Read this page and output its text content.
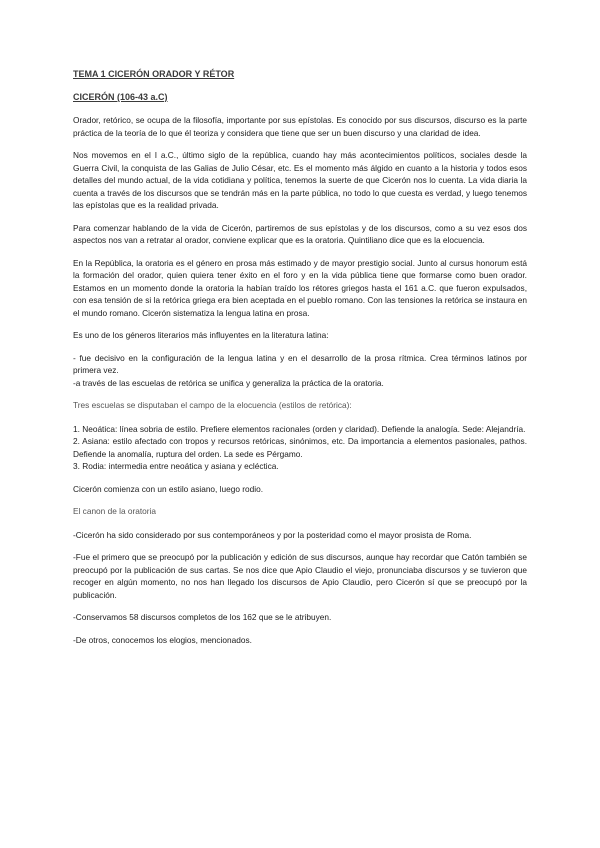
TEMA 1 CICERÓN ORADOR Y RÉTOR

CICERÓN (106-43 a.C)

Orador, retórico, se ocupa de la filosofía, importante por sus epístolas. Es conocido por sus discursos, discurso es la parte práctica de la teoría de lo que él teoriza y considera que tiene que ser un buen discurso y una claridad de idea.

Nos movemos en el I a.C., último siglo de la república, cuando hay más acontecimientos políticos, sociales desde la Guerra Civil, la conquista de las Galias de Julio César, etc. Es el momento más álgido en cuanto a la historia y todos esos detalles del mundo actual, de la vida cotidiana y política, tenemos la suerte de que Cicerón nos lo cuenta. La vida diaria la cuenta a través de los discursos que se tendrán más en la parte pública, no todo lo que cuesta es verdad, y luego tenemos las epístolas que es la realidad privada.

Para comenzar hablando de la vida de Cicerón, partiremos de sus epístolas y de los discursos, como a su vez esos dos aspectos nos van a retratar al orador, conviene explicar que es la oratoria. Quintiliano dice que es la elocuencia.

En la República, la oratoria es el género en prosa más estimado y de mayor prestigio social. Junto al cursus honorum está la formación del orador, quien quiera tener éxito en el foro y en la vida pública tiene que formarse como buen orador. Estamos en un momento donde la oratoria la habían traído los rétores griegos hasta el 161 a.C. que fueron expulsados, con esa tensión de si la retórica griega era bien aceptada en el pueblo romano. Con las tensiones la retórica se instaura en el mundo romano. Cicerón sistematiza la lengua latina en prosa.

Es uno de los géneros literarios más influyentes en la literatura latina:

- fue decisivo en la configuración de la lengua latina y en el desarrollo de la prosa rítmica. Crea términos latinos por primera vez.
-a través de las escuelas de retórica se unifica y generaliza la práctica de la oratoria.

Tres escuelas se disputaban el campo de la elocuencia (estilos de retórica):

1. Neoática: línea sobria de estilo. Prefiere elementos racionales (orden y claridad). Defiende la analogía. Sede: Alejandría.
2. Asiana: estilo afectado con tropos y recursos retóricas, sinónimos, etc. Da importancia a elementos pasionales, pathos. Defiende la anomalía, ruptura del orden. La sede es Pérgamo.
3. Rodia: intermedia entre neoática y asiana y ecléctica.

Cicerón comienza con un estilo asiano, luego rodio.

El canon de la oratoria

-Cicerón ha sido considerado por sus contemporáneos y por la posteridad como el mayor prosista de Roma.

-Fue el primero que se preocupó por la publicación y edición de sus discursos, aunque hay recordar que Catón también se preocupó por la publicación de sus cartas. Se nos dice que Apio Claudio el viejo, pronunciaba discursos y se tuvieron que recoger en algún momento, no nos han llegado los discursos de Apio Claudio, pero Cicerón sí que se preocupó por la publicación.

-Conservamos 58 discursos completos de los 162 que se le atribuyen.

-De otros, conocemos los elogios, mencionados.
